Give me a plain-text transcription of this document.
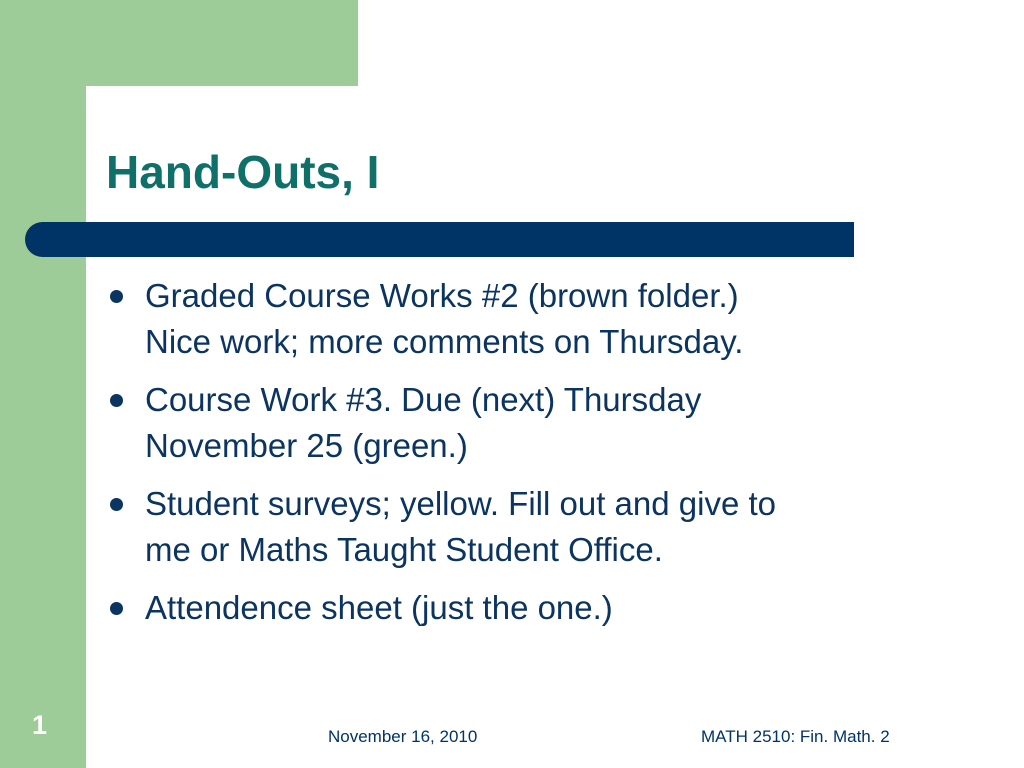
Hand-Outs, I
Graded Course Works #2 (brown folder.)
Nice work; more comments on Thursday.
Course Work #3. Due (next) Thursday
November 25 (green.)
Student surveys; yellow. Fill out and give to
me or Maths Taught Student Office.
Attendence sheet (just the one.)
1	November 16, 2010	MATH 2510: Fin. Math. 2
